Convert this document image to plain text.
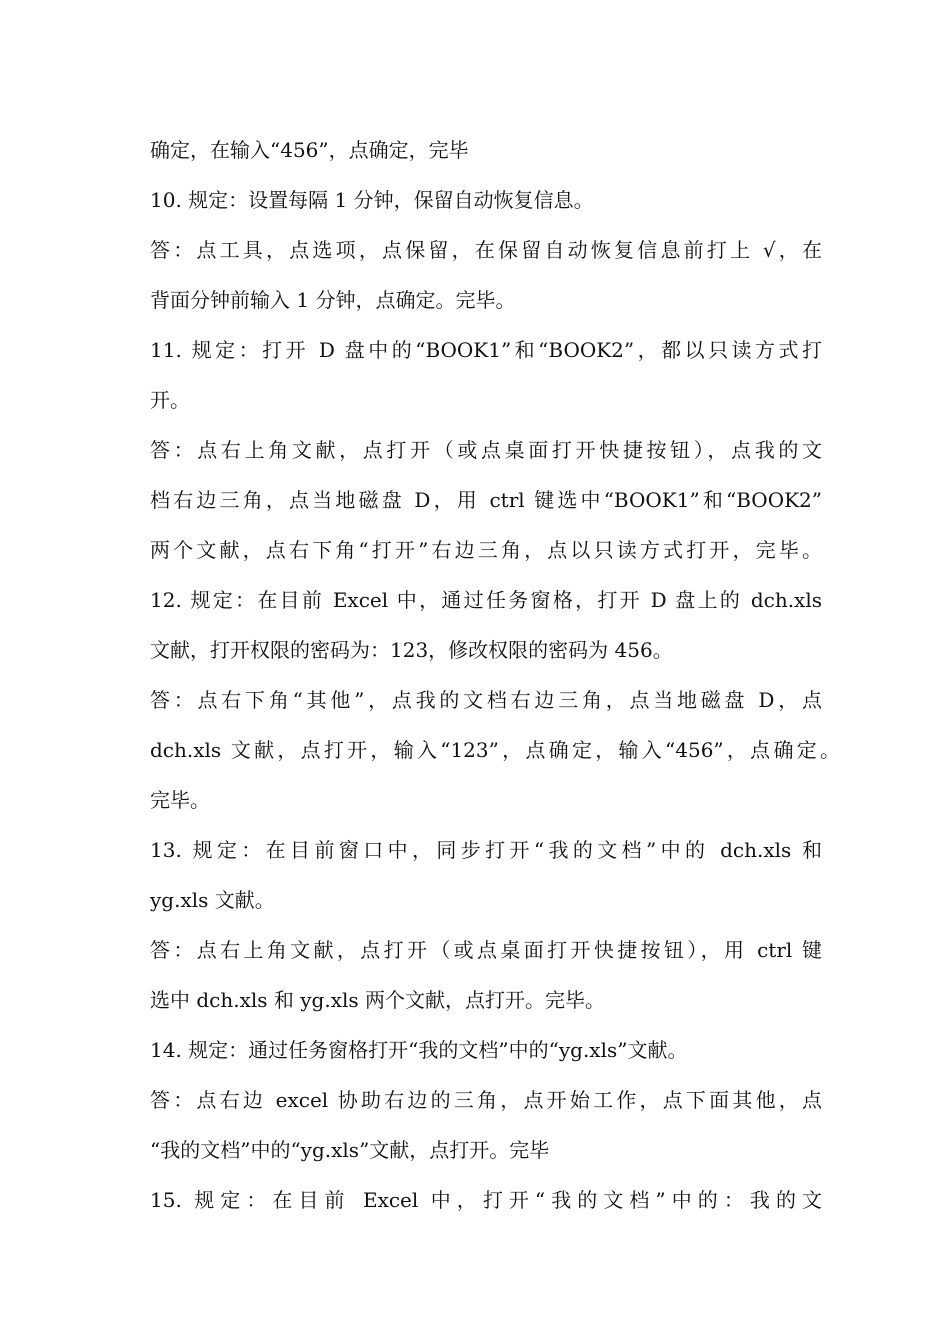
确定，在输入“456”，点确定，完毕
10. 规定：设置每隔 1 分钟，保留自动恢复信息。
答：点工具，点选项，点保留，在保留自动恢复信息前打上 √，在
背面分钟前输入 1 分钟，点确定。完毕。
11. 规定：打开 D 盘中的“BOOK1”和“BOOK2”，都以只读方式打
开。
答：点右上角文献，点打开（或点桌面打开快捷按钮），点我的文
档右边三角，点当地磁盘 D，用 ctrl 键选中“BOOK1”和“BOOK2”
两个文献，点右下角“打开”右边三角，点以只读方式打开，完毕。
12. 规定：在目前 Excel 中，通过任务窗格，打开 D 盘上的 dch.xls
文献，打开权限的密码为：123，修改权限的密码为 456。
答：点右下角“其他”，点我的文档右边三角，点当地磁盘 D，点
dch.xls 文献，点打开，输入“123”，点确定，输入“456”，点确定。
完毕。
13. 规定：在目前窗口中，同步打开“我的文档”中的 dch.xls 和
yg.xls 文献。
答：点右上角文献，点打开（或点桌面打开快捷按钮），用 ctrl 键
选中 dch.xls 和 yg.xls 两个文献，点打开。完毕。
14. 规定：通过任务窗格打开“我的文档”中的“yg.xls”文献。
答：点右边 excel 协助右边的三角，点开始工作，点下面其他，点
“我的文档”中的“yg.xls”文献，点打开。完毕
15. 规定：在目前 Excel 中，打开“我的文档”中的：我的文
